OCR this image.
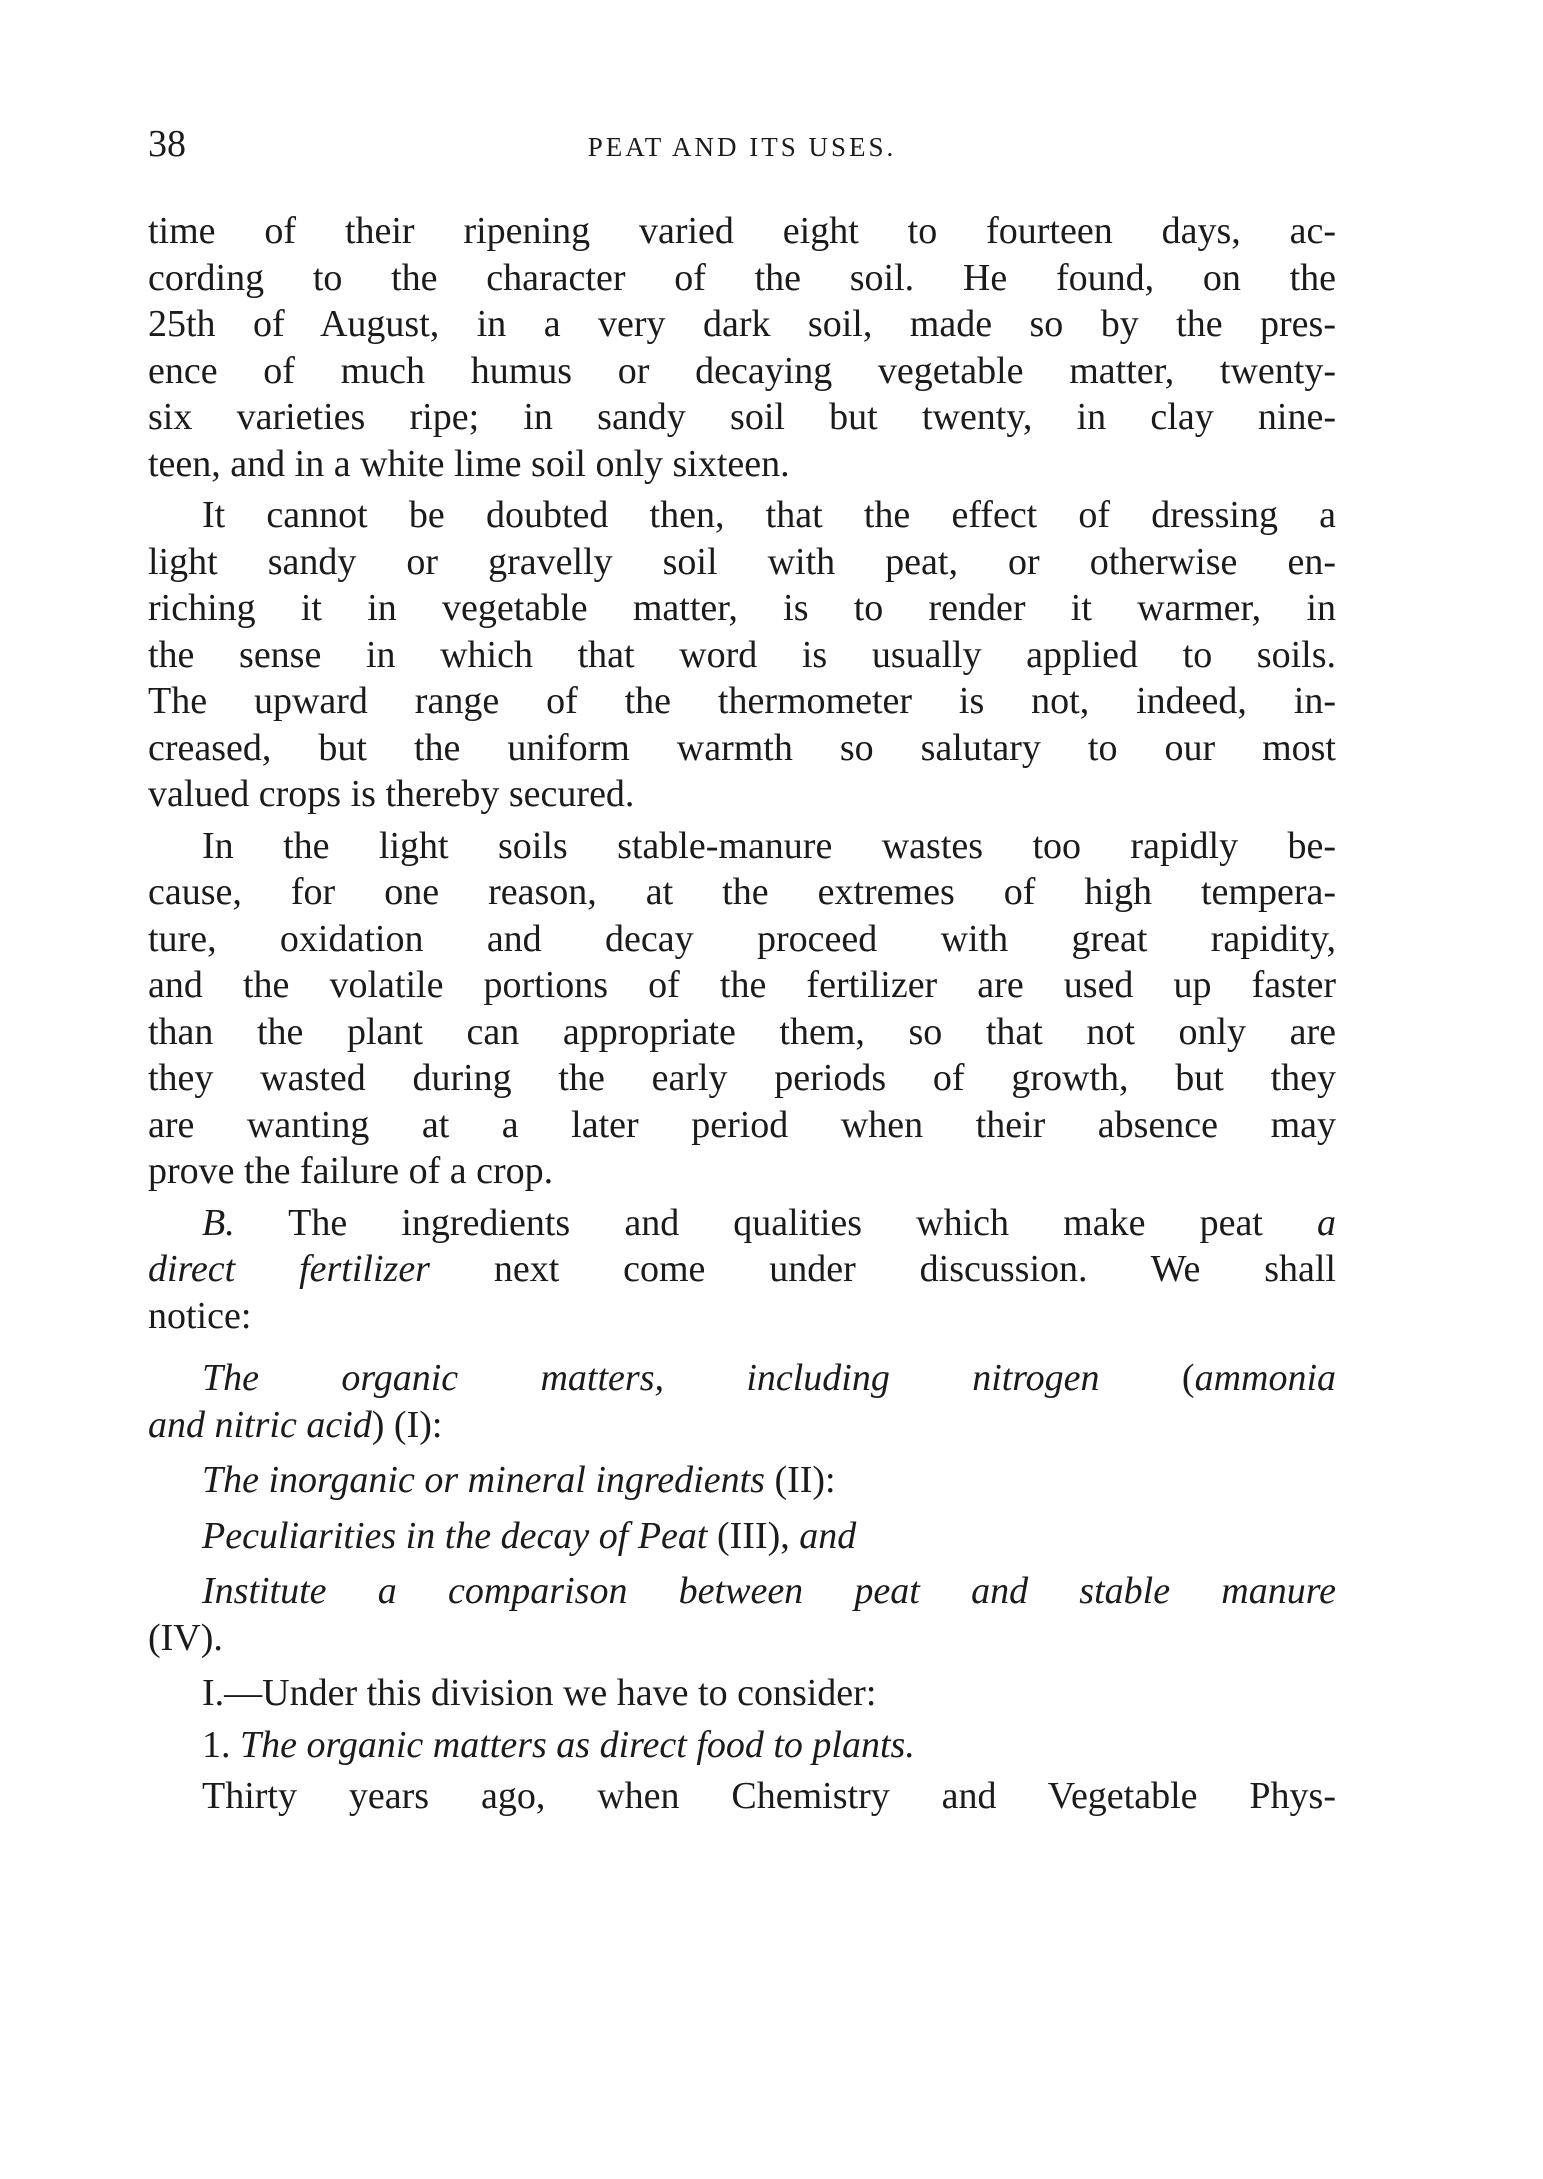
38	PEAT AND ITS USES.
time of their ripening varied eight to fourteen days, ac-
cording to the character of the soil. He found, on the
25th of August, in a very dark soil, made so by the pres-
ence of much humus or decaying vegetable matter, twenty-
six varieties ripe; in sandy soil but twenty, in clay nine-
teen, and in a white lime soil only sixteen.
It cannot be doubted then, that the effect of dressing a
light sandy or gravelly soil with peat, or otherwise en-
riching it in vegetable matter, is to render it warmer, in
the sense in which that word is usually applied to soils.
The upward range of the thermometer is not, indeed, in-
creased, but the uniform warmth so salutary to our most
valued crops is thereby secured.
In the light soils stable-manure wastes too rapidly be-
cause, for one reason, at the extremes of high tempera-
ture, oxidation and decay proceed with great rapidity,
and the volatile portions of the fertilizer are used up faster
than the plant can appropriate them, so that not only are
they wasted during the early periods of growth, but they
are wanting at a later period when their absence may
prove the failure of a crop.
B. The ingredients and qualities which make peat a
direct fertilizer next come under discussion. We shall
notice:
The organic matters, including nitrogen (ammonia
and nitric acid) (I):
The inorganic or mineral ingredients (II):
Peculiarities in the decay of Peat (III), and
Institute a comparison between peat and stable manure
(IV).
I.—Under this division we have to consider:
1. The organic matters as direct food to plants.
Thirty years ago, when Chemistry and Vegetable Phys-
